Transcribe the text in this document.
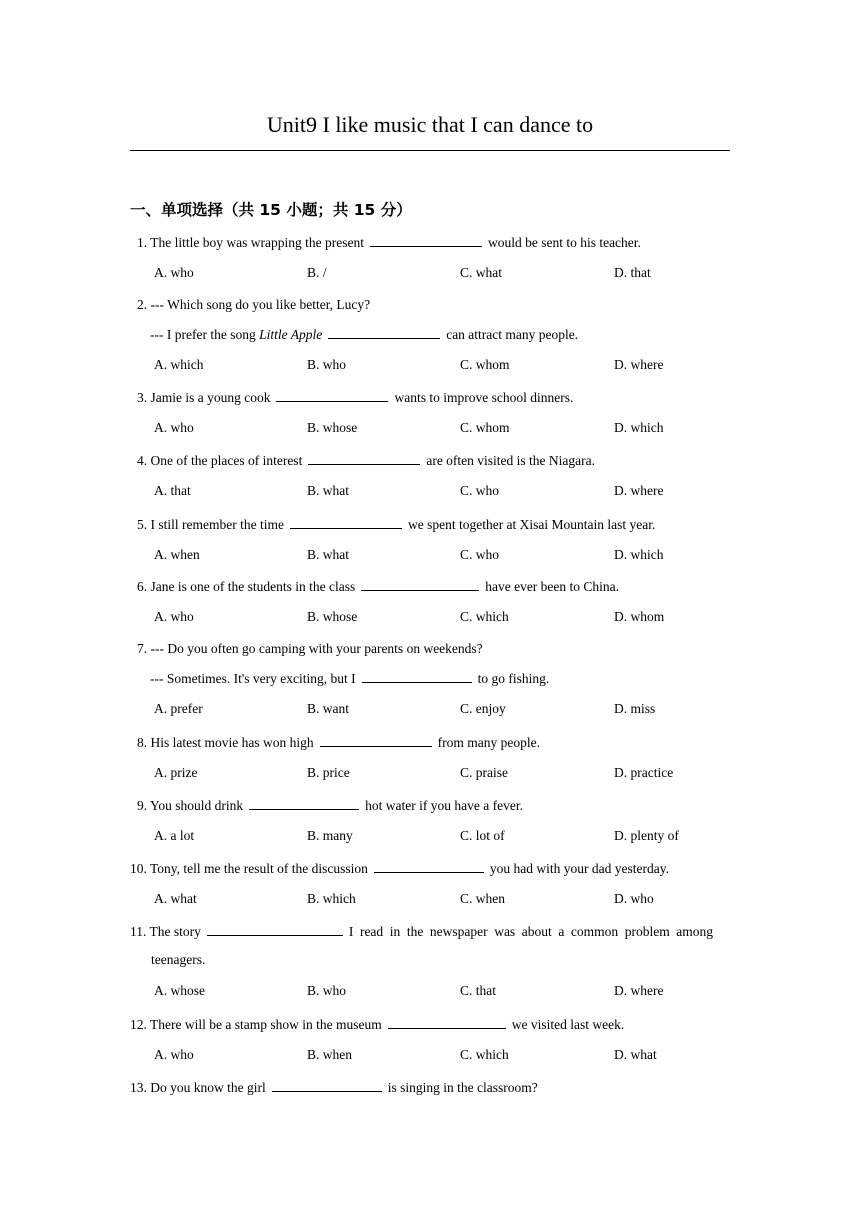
Unit9 I like music that I can dance to
一、单项选择（共 15 小题；共 15 分）
1. The little boy was wrapping the present	would be sent to his teacher.
A. who	B. /	C. what	D. that
2. --- Which song do you like better, Lucy?
--- I prefer the song Little Apple	can attract many people.
A. which	B. who	C. whom	D. where
3. Jamie is a young cook	wants to improve school dinners.
A. who	B. whose	C. whom	D. which
4. One of the places of interest	are often visited is the Niagara.
A. that	B. what	C. who	D. where
5. I still remember the time	we spent together at Xisai Mountain last year.
A. when	B. what	C. who	D. which
6. Jane is one of the students in the class	have ever been to China.
A. who	B. whose	C. which	D. whom
7. --- Do you often go camping with your parents on weekends?
--- Sometimes. It's very exciting, but I	to go fishing.
A. prefer	B. want	C. enjoy	D. miss
8. His latest movie has won high	from many people.
A. prize	B. price	C. praise	D. practice
9. You should drink	hot water if you have a fever.
A. a lot	B. many	C. lot of	D. plenty of
10. Tony, tell me the result of the discussion	you had with your dad yesterday.
A. what	B. which	C. when	D. who
11. The story	I read in the newspaper was about a common problem among
teenagers.
A. whose	B. who	C. that	D. where
12. There will be a stamp show in the museum	we visited last week.
A. who	B. when	C. which	D. what
13. Do you know the girl	is singing in the classroom?
